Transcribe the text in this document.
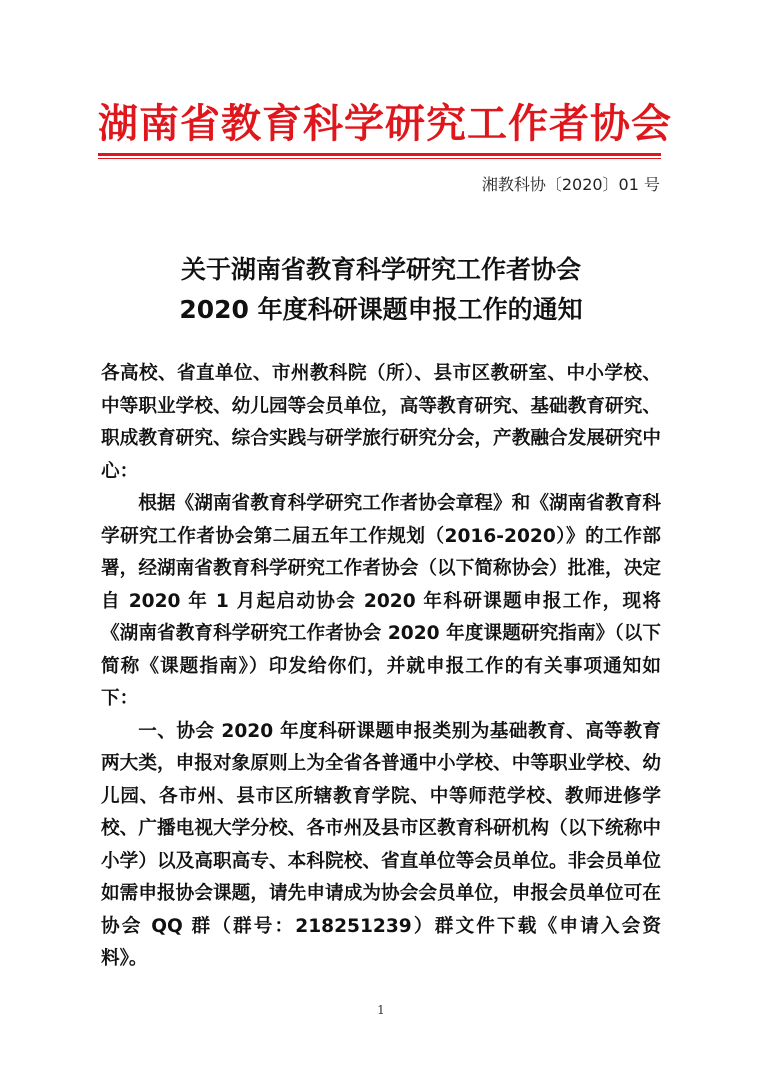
湖南省教育科学研究工作者协会
湘教科协〔2020〕01 号
关于湖南省教育科学研究工作者协会
2020 年度科研课题申报工作的通知

各高校、省直单位、市州教科院（所）、县市区教研室、中小学校、中等职业学校、幼儿园等会员单位，高等教育研究、基础教育研究、职成教育研究、综合实践与研学旅行研究分会，产教融合发展研究中心：

根据《湖南省教育科学研究工作者协会章程》和《湖南省教育科学研究工作者协会第二届五年工作规划（2016-2020）》的工作部署，经湖南省教育科学研究工作者协会（以下简称协会）批准，决定自 2020 年 1 月起启动协会 2020 年科研课题申报工作，现将《湖南省教育科学研究工作者协会 2020 年度课题研究指南》（以下简称《课题指南》）印发给你们，并就申报工作的有关事项通知如下：

一、协会 2020 年度科研课题申报类别为基础教育、高等教育两大类，申报对象原则上为全省各普通中小学校、中等职业学校、幼儿园、各市州、县市区所辖教育学院、中等师范学校、教师进修学校、广播电视大学分校、各市州及县市区教育科研机构（以下统称中小学）以及高职高专、本科院校、省直单位等会员单位。非会员单位如需申报协会课题，请先申请成为协会会员单位，申报会员单位可在协会 QQ 群（群号：218251239）群文件下载《申请入会资料》。

1
